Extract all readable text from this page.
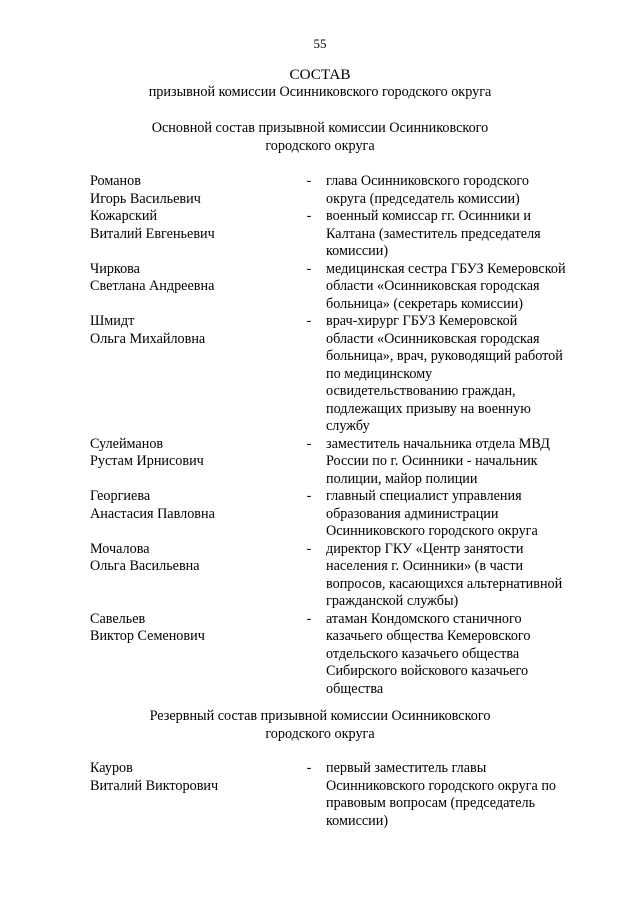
55
СОСТАВ
призывной комиссии Осинниковского городского округа
Основной состав призывной комиссии Осинниковского
городского округа
Романов
Игорь Васильевич
- глава Осинниковского городского
округа (председатель комиссии)
Кожарский
Виталий Евгеньевич
- военный комиссар гг. Осинники и
Калтана (заместитель председателя
комиссии)
Чиркова
Светлана Андреевна
- медицинская сестра ГБУЗ Кемеровской
области «Осинниковская городская
больница» (секретарь комиссии)
Шмидт
Ольга Михайловна
- врач-хирург ГБУЗ Кемеровской
области «Осинниковская городская
больница», врач, руководящий работой
по медицинскому
освидетельствованию граждан,
подлежащих призыву на военную
службу
Сулейманов
Рустам Ирнисович
- заместитель начальника отдела МВД
России по г. Осинники - начальник
полиции, майор полиции
Георгиева
Анастасия Павловна
- главный специалист управления
образования администрации
Осинниковского городского округа
Мочалова
Ольга Васильевна
- директор ГКУ «Центр занятости
населения г. Осинники» (в части
вопросов, касающихся альтернативной
гражданской службы)
Савельев
Виктор Семенович
- атаман Кондомского станичного
казачьего общества Кемеровского
отдельского казачьего общества
Сибирского войскового казачьего
общества
Резервный состав призывной комиссии Осинниковского
городского округа
Кауров
Виталий Викторович
- первый заместитель главы
Осинниковского городского округа по
правовым вопросам (председатель
комиссии)
